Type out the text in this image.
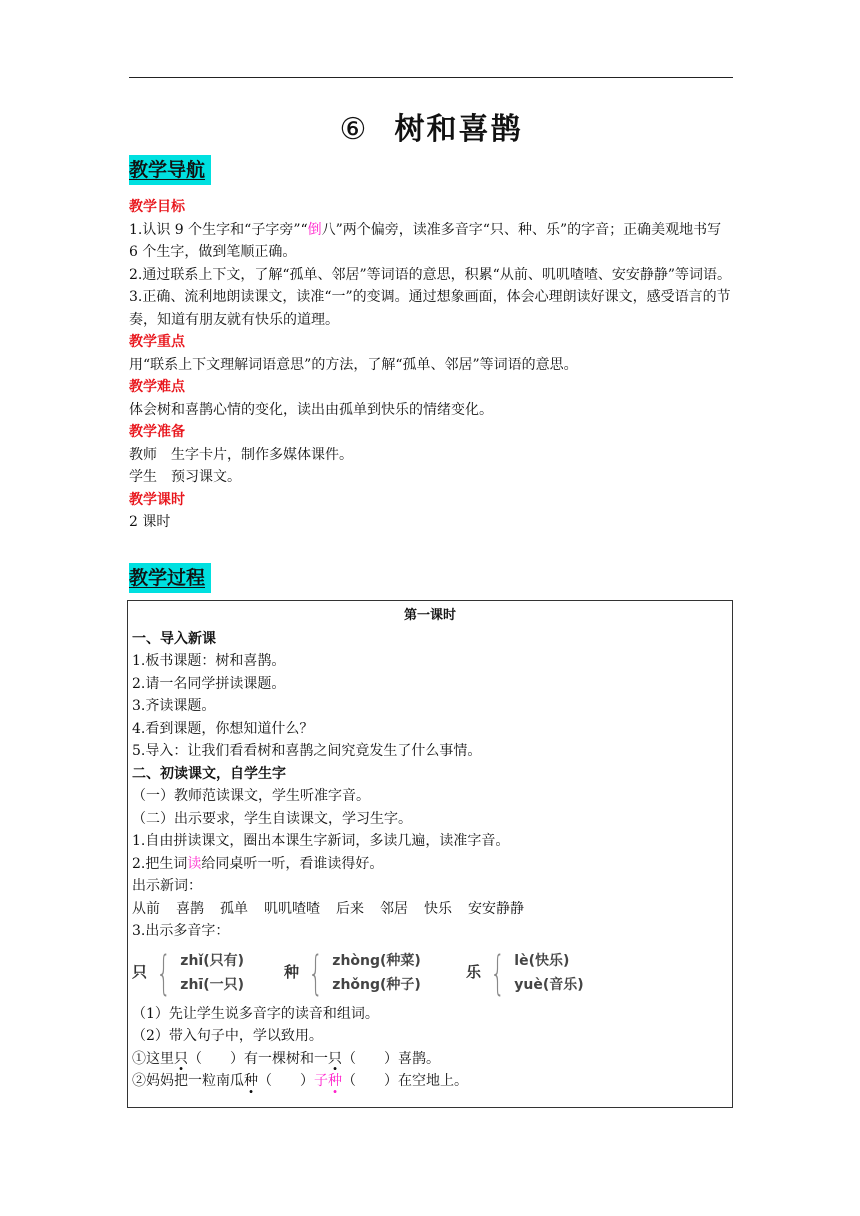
⑥ 树和喜鹊
教学导航

教学目标

1.认识 9 个生字和“子字旁”“倒八”两个偏旁，读准多音字“只、种、乐”的字音；正确美观地书写 6 个生字，做到笔顺正确。

2.通过联系上下文，了解“孤单、邻居”等词语的意思，积累“从前、叽叽喳喳、安安静静”等词语。

3.正确、流利地朗读课文，读准“一”的变调。通过想象画面，体会心理朗读好课文，感受语言的节奏，知道有朋友就有快乐的道理。

教学重点

用“联系上下文理解词语意思”的方法，了解“孤单、邻居”等词语的意思。

教学难点

体会树和喜鹊心情的变化，读出由孤单到快乐的情绪变化。

教学准备

教师　生字卡片，制作多媒体课件。

学生　预习课文。

教学课时

2 课时

教学过程

第一课时

一、导入新课

1.板书课题：树和喜鹊。

2.请一名同学拼读课题。

3.齐读课题。

4.看到课题，你想知道什么？

5.导入：让我们看看树和喜鹊之间究竟发生了什么事情。

二、初读课文，自学生字

（一）教师范读课文，学生听准字音。

（二）出示要求，学生自读课文，学习生字。

1.自由拼读课文，圈出本课生字新词，多读几遍，读准字音。

2.把生词读给同桌听一听，看谁读得好。

出示新词：

从前 喜鹊 孤单 叽叽喳喳 后来 邻居 快乐 安安静静

3.出示多音字：

只 { zhǐ(只有)
zhī(一只)
种 { zhòng(种菜)
zhǒng(种子)
乐 { lè(快乐)
yuè(音乐)

（1）先让学生说多音字的读音和组词。

（2）带入句子中，学以致用。

①这里只（　　）有一棵树和一只（　　）喜鹊。

②妈妈把一粒南瓜种（　　）子种（　　）在空地上。
